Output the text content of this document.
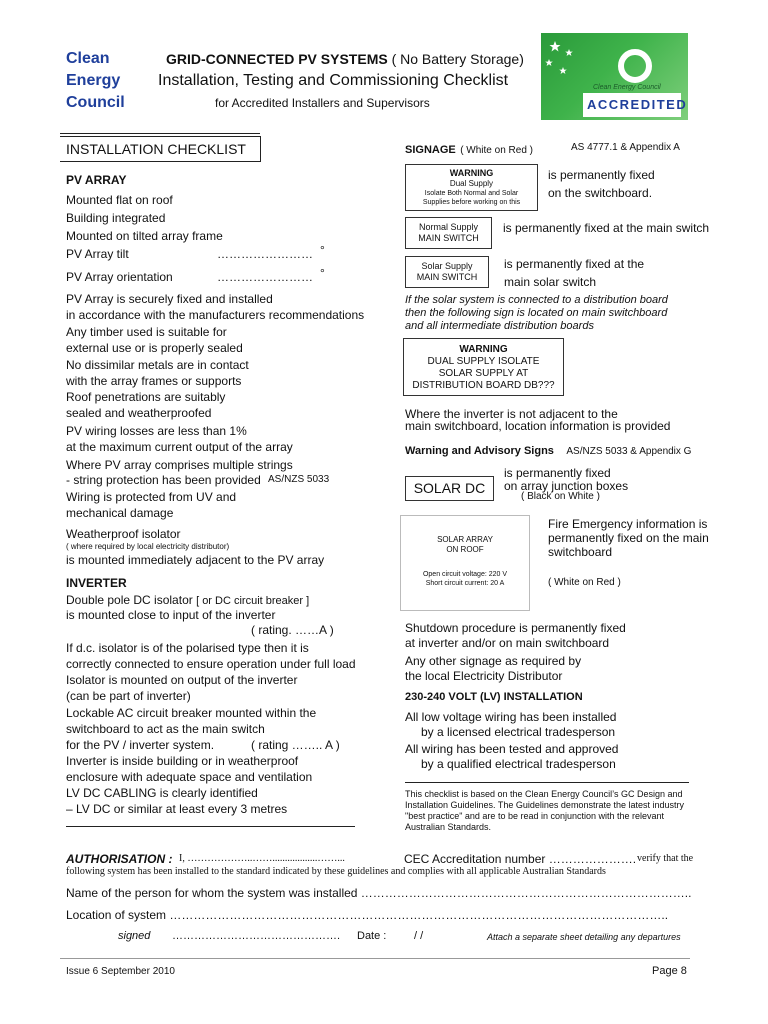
Clean
Energy
Council
GRID-CONNECTED PV SYSTEMS ( No Battery Storage)
Installation, Testing and Commissioning Checklist
for Accredited Installers and Supervisors
Clean Energy Council
ACCREDITED
INSTALLATION CHECKLIST
PV ARRAY
Mounted flat on roof
Building integrated
Mounted on tilted array frame
PV Array tilt	…………………… °
PV Array orientation	…………………… °
PV Array is securely fixed and installed
in accordance with the manufacturers recommendations
Any timber used is suitable for
external use or is properly sealed
No dissimilar metals are in contact
with the array frames or supports
Roof penetrations are suitably
sealed and weatherproofed
PV wiring losses are less than 1%
at the maximum current output of the array
Where PV array comprises multiple strings
- string protection has been provided AS/NZS 5033
Wiring is protected from UV and
mechanical damage
Weatherproof isolator
( where required by local electricity distributor)
is mounted immediately adjacent to the PV array
INVERTER
Double pole DC isolator [ or DC circuit breaker ]
is mounted close to input of the inverter
( rating. ……A )
If d.c. isolator is of the polarised type then it is
correctly connected to ensure operation under full load
Isolator is mounted on output of the inverter
(can be part of inverter)
Lockable AC circuit breaker mounted within the
switchboard to act as the main switch
for the PV / inverter system.	( rating …….. A )
Inverter is inside building or in weatherproof
enclosure with adequate space and ventilation
LV DC CABLING is clearly identified
– LV DC or similar at least every 3 metres
SIGNAGE ( White on Red )	AS 4777.1 & Appendix A
WARNING
Dual Supply
Isolate Both Normal and Solar
Supplies before working on this
is permanently fixed
on the switchboard.
Normal Supply
MAIN SWITCH
is permanently fixed at the main switch
Solar Supply
MAIN SWITCH
is permanently fixed at the
main solar switch
If the solar system is connected to a distribution board
then the following sign is located on main switchboard
and all intermediate distribution boards
WARNING
DUAL SUPPLY ISOLATE
SOLAR SUPPLY AT
DISTRIBUTION BOARD DB???
Where the inverter is not adjacent to the
main switchboard, location information is provided
Warning and Advisory Signs AS/NZS 5033 & Appendix G
SOLAR DC
is permanently fixed
on array junction boxes
( Black on White )
SOLAR ARRAY
ON ROOF
Open circuit voltage: 220 V
Short circuit current: 20 A
Fire Emergency information is
permanently fixed on the main
switchboard
( White on Red )
Shutdown procedure is permanently fixed
at inverter and/or on main switchboard
Any other signage as required by
the local Electricity Distributor
230-240 VOLT (LV) INSTALLATION
All low voltage wiring has been installed
by a licensed electrical tradesperson
All wiring has been tested and approved
by a qualified electrical tradesperson
This checklist is based on the Clean Energy Council’s GC Design and
Installation Guidelines. The Guidelines demonstrate the latest industry
"best practice" and are to be read in conjunction with the relevant
Australian Standards.
AUTHORISATION : I, ………………..……..................……...	CEC Accreditation number …………………. verify that the
following system has been installed to the standard indicated by these guidelines and complies with all applicable Australian Standards
Name of the person for whom the system was installed ………………………………………………………………………..
Location of system ……………………………………………………………………………………………………………..
signed ………………………………………. Date :	/ /	Attach a separate sheet detailing any departures
Issue 6 September 2010	Page 8
